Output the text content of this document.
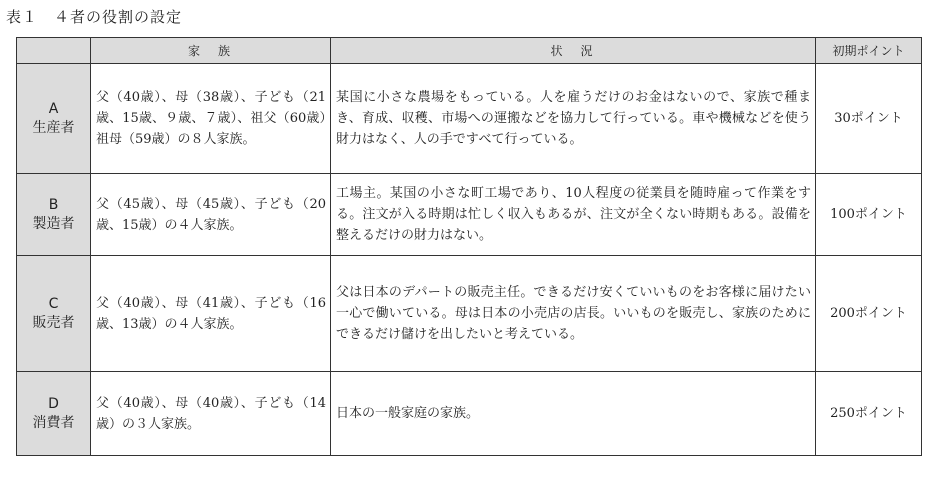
表１　４者の役割の設定
	家　族	状　況	初期ポイント

A
生産者	父（40歳）、母（38歳）、子ども（21歳、15歳、９歳、７歳）、祖父（60歳）祖母（59歳）の８人家族。	某国に小さな農場をもっている。人を雇うだけのお金はないので、家族で種まき、育成、収穫、市場への運搬などを協力して行っている。車や機械などを使う財力はなく、人の手ですべて行っている。	30ポイント

B
製造者	父（45歳）、母（45歳）、子ども（20歳、15歳）の４人家族。	工場主。某国の小さな町工場であり、10人程度の従業員を随時雇って作業をする。注文が入る時期は忙しく収入もあるが、注文が全くない時期もある。設備を整えるだけの財力はない。	100ポイント

C
販売者	父（40歳）、母（41歳）、子ども（16歳、13歳）の４人家族。	父は日本のデパートの販売主任。できるだけ安くていいものをお客様に届けたい一心で働いている。母は日本の小売店の店長。いいものを販売し、家族のためにできるだけ儲けを出したいと考えている。	200ポイント

D
消費者	父（40歳）、母（40歳）、子ども（14歳）の３人家族。	日本の一般家庭の家族。	250ポイント
